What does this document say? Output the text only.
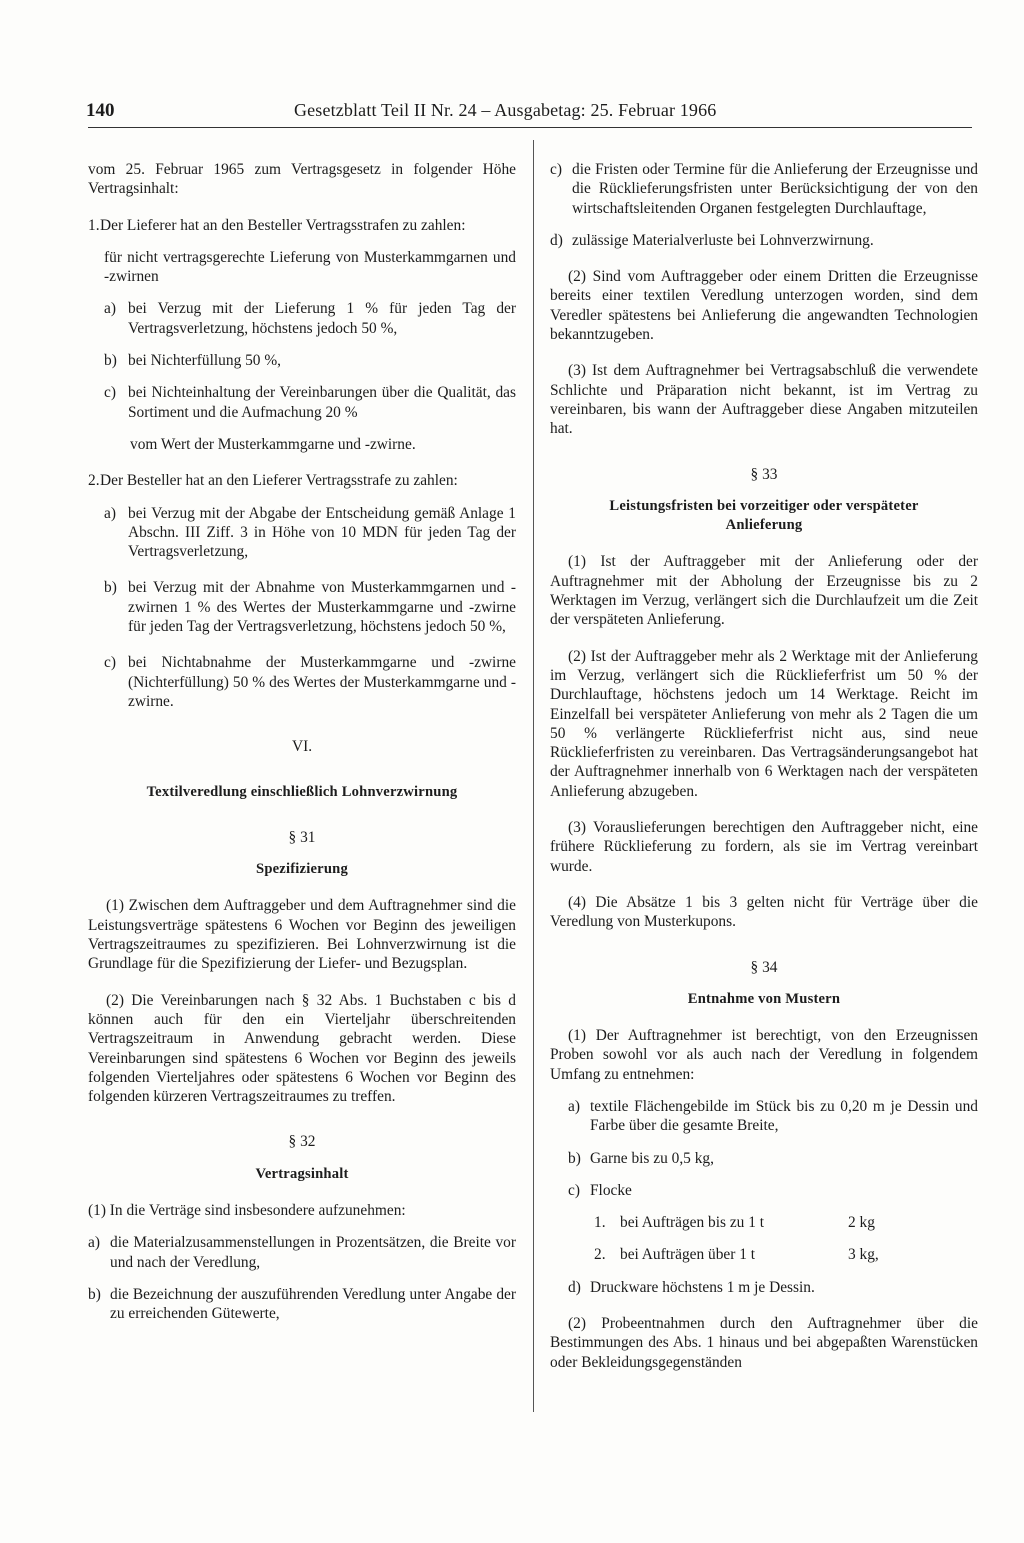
140	Gesetzblatt Teil II Nr. 24 – Ausgabetag: 25. Februar 1966

vom 25. Februar 1965 zum Vertragsgesetz in folgender Höhe Vertragsinhalt:

1. Der Lieferer hat an den Besteller Vertragsstrafen zu zahlen:

für nicht vertragsgerechte Lieferung von Musterkammgarnen und -zwirnen

a) bei Verzug mit der Lieferung 1 % für jeden Tag der Vertragsverletzung, höchstens jedoch 50 %,
b) bei Nichterfüllung 50 %,
c) bei Nichteinhaltung der Vereinbarungen über die Qualität, das Sortiment und die Aufmachung 20 %

vom Wert der Musterkammgarne und -zwirne.

2. Der Besteller hat an den Lieferer Vertragsstrafe zu zahlen:
a) bei Verzug mit der Abgabe der Entscheidung gemäß Anlage 1 Abschn. III Ziff. 3 in Höhe von 10 MDN für jeden Tag der Vertragsverletzung,
b) bei Verzug mit der Abnahme von Musterkammgarnen und -zwirnen 1 % des Wertes der Musterkammgarne und -zwirne für jeden Tag der Vertragsverletzung, höchstens jedoch 50 %,
c) bei Nichtabnahme der Musterkammgarne und -zwirne (Nichterfüllung) 50 % des Wertes der Musterkammgarne und -zwirne.

VI.

Textilveredlung einschließlich Lohnverzwirnung

§ 31

Spezifizierung

(1) Zwischen dem Auftraggeber und dem Auftragnehmer sind die Leistungsverträge spätestens 6 Wochen vor Beginn des jeweiligen Vertragszeitraumes zu spezifizieren. Bei Lohnverzwirnung ist die Grundlage für die Spezifizierung der Liefer- und Bezugsplan.

(2) Die Vereinbarungen nach § 32 Abs. 1 Buchstaben c bis d können auch für den ein Vierteljahr überschreitenden Vertragszeitraum in Anwendung gebracht werden. Diese Vereinbarungen sind spätestens 6 Wochen vor Beginn des jeweils folgenden Vierteljahres oder spätestens 6 Wochen vor Beginn des folgenden kürzeren Vertragszeitraumes zu treffen.

§ 32

Vertragsinhalt

(1) In die Verträge sind insbesondere aufzunehmen:

a) die Materialzusammenstellungen in Prozentsätzen, die Breite vor und nach der Veredlung,
b) die Bezeichnung der auszuführenden Veredlung unter Angabe der zu erreichenden Gütewerte,
c) die Fristen oder Termine für die Anlieferung der Erzeugnisse und die Rücklieferungsfristen unter Berücksichtigung der von den wirtschaftsleitenden Organen festgelegten Durchlauftage,
d) zulässige Materialverluste bei Lohnverzwirnung.

(2) Sind vom Auftraggeber oder einem Dritten die Erzeugnisse bereits einer textilen Veredlung unterzogen worden, sind dem Veredler spätestens bei Anlieferung die angewandten Technologien bekanntzugeben.

(3) Ist dem Auftragnehmer bei Vertragsabschluß die verwendete Schlichte und Präparation nicht bekannt, ist im Vertrag zu vereinbaren, bis wann der Auftraggeber diese Angaben mitzuteilen hat.

§ 33

Leistungsfristen bei vorzeitiger oder verspäteter Anlieferung

(1) Ist der Auftraggeber mit der Anlieferung oder der Auftragnehmer mit der Abholung der Erzeugnisse bis zu 2 Werktagen im Verzug, verlängert sich die Durchlaufzeit um die Zeit der verspäteten Anlieferung.

(2) Ist der Auftraggeber mehr als 2 Werktage mit der Anlieferung im Verzug, verlängert sich die Rücklieferfrist um 50 % der Durchlauftage, höchstens jedoch um 14 Werktage. Reicht im Einzelfall bei verspäteter Anlieferung von mehr als 2 Tagen die um 50 % verlängerte Rücklieferfrist nicht aus, sind neue Rücklieferfristen zu vereinbaren. Das Vertragsänderungsangebot hat der Auftragnehmer innerhalb von 6 Werktagen nach der verspäteten Anlieferung abzugeben.

(3) Vorauslieferungen berechtigen den Auftraggeber nicht, eine frühere Rücklieferung zu fordern, als sie im Vertrag vereinbart wurde.

(4) Die Absätze 1 bis 3 gelten nicht für Verträge über die Veredlung von Musterkupons.

§ 34

Entnahme von Mustern

(1) Der Auftragnehmer ist berechtigt, von den Erzeugnissen Proben sowohl vor als auch nach der Veredlung in folgendem Umfang zu entnehmen:

a) textile Flächengebilde im Stück bis zu 0,20 m je Dessin und Farbe über die gesamte Breite,
b) Garne bis zu 0,5 kg,
c) Flocke
1. bei Aufträgen bis zu 1 t	2 kg
2. bei Aufträgen über 1 t	3 kg,
d) Druckware höchstens 1 m je Dessin.

(2) Probeentnahmen durch den Auftragnehmer über die Bestimmungen des Abs. 1 hinaus und bei abgepaßten Warenstücken oder Bekleidungsgegenständen
